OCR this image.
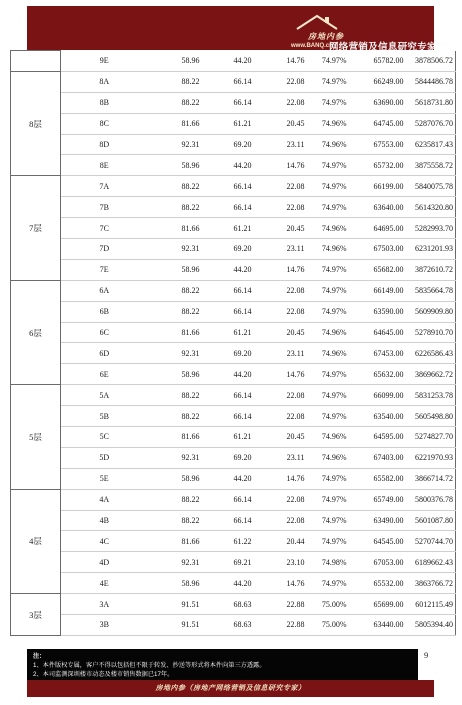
房地内参
www.BANQ.cn
网络营销及信息研究专家
	9E	58.96	44.20	14.76	74.97%	65782.00	3878506.72
8层	8A	88.22	66.14	22.08	74.97%	66249.00	5844486.78
	8B	88.22	66.14	22.08	74.97%	63690.00	5618731.80
	8C	81.66	61.21	20.45	74.96%	64745.00	5287076.70
	8D	92.31	69.20	23.11	74.96%	67553.00	6235817.43
	8E	58.96	44.20	14.76	74.97%	65732.00	3875558.72
7层	7A	88.22	66.14	22.08	74.97%	66199.00	5840075.78
	7B	88.22	66.14	22.08	74.97%	63640.00	5614320.80
	7C	81.66	61.21	20.45	74.96%	64695.00	5282993.70
	7D	92.31	69.20	23.11	74.96%	67503.00	6231201.93
	7E	58.96	44.20	14.76	74.97%	65682.00	3872610.72
6层	6A	88.22	66.14	22.08	74.97%	66149.00	5835664.78
	6B	88.22	66.14	22.08	74.97%	63590.00	5609909.80
	6C	81.66	61.21	20.45	74.96%	64645.00	5278910.70
	6D	92.31	69.20	23.11	74.96%	67453.00	6226586.43
	6E	58.96	44.20	14.76	74.97%	65632.00	3869662.72
5层	5A	88.22	66.14	22.08	74.97%	66099.00	5831253.78
	5B	88.22	66.14	22.08	74.97%	63540.00	5605498.80
	5C	81.66	61.21	20.45	74.96%	64595.00	5274827.70
	5D	92.31	69.20	23.11	74.96%	67403.00	6221970.93
	5E	58.96	44.20	14.76	74.97%	65582.00	3866714.72
4层	4A	88.22	66.14	22.08	74.97%	65749.00	5800376.78
	4B	88.22	66.14	22.08	74.97%	63490.00	5601087.80
	4C	81.66	61.22	20.44	74.97%	64545.00	5270744.70
	4D	92.31	69.21	23.10	74.98%	67053.00	6189662.43
	4E	58.96	44.20	14.76	74.97%	65532.00	3863766.72
3层	3A	91.51	68.63	22.88	75.00%	65699.00	6012115.49
	3B	91.51	68.63	22.88	75.00%	63440.00	5805394.40
注：
1、本件版权专属，客户不得以包括但不限于转发、抄送等形式将本件向第三方透露。
2、本司监测深圳楼市动态及楼市销售数据已17年。
9
房地内参（房地产网络营销及信息研究专家）
